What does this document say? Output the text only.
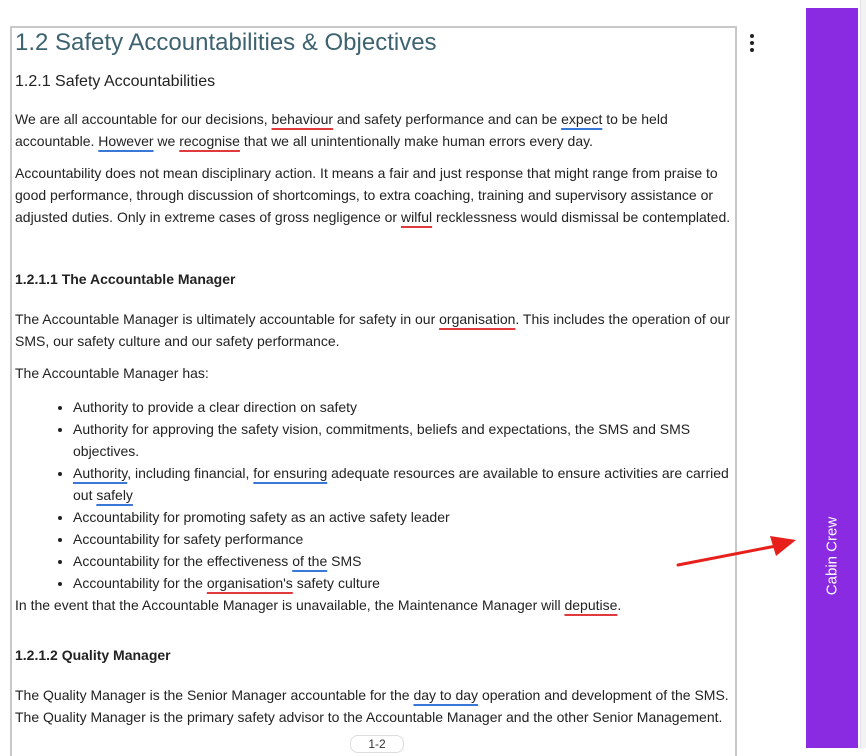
1.2 Safety Accountabilities & Objectives
1.2.1 Safety Accountabilities

We are all accountable for our decisions, behaviour and safety performance and can be expect to be held accountable. However we recognise that we all unintentionally make human errors every day.

Accountability does not mean disciplinary action. It means a fair and just response that might range from praise to good performance, through discussion of shortcomings, to extra coaching, training and supervisory assistance or adjusted duties. Only in extreme cases of gross negligence or wilful recklessness would dismissal be contemplated.

1.2.1.1 The Accountable Manager

The Accountable Manager is ultimately accountable for safety in our organisation. This includes the operation of our SMS, our safety culture and our safety performance.

The Accountable Manager has:

• Authority to provide a clear direction on safety
• Authority for approving the safety vision, commitments, beliefs and expectations, the SMS and SMS objectives.
• Authority, including financial, for ensuring adequate resources are available to ensure activities are carried out safely
• Accountability for promoting safety as an active safety leader
• Accountability for safety performance
• Accountability for the effectiveness of the SMS
• Accountability for the organisation's safety culture

In the event that the Accountable Manager is unavailable, the Maintenance Manager will deputise.

1.2.1.2 Quality Manager

The Quality Manager is the Senior Manager accountable for the day to day operation and development of the SMS. The Quality Manager is the primary safety advisor to the Accountable Manager and the other Senior Management.

1-2
Cabin Crew
